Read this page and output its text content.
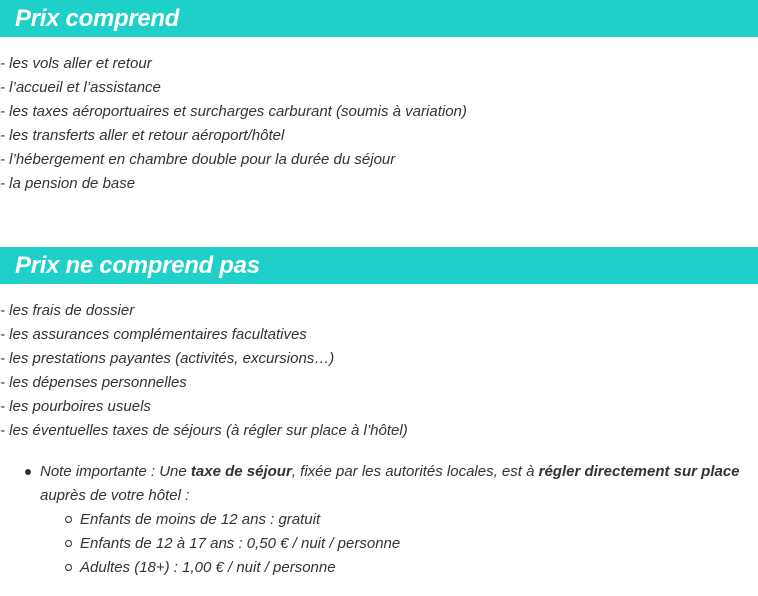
Prix comprend
- les vols aller et retour
- l’accueil et l’assistance
- les taxes aéroportuaires et surcharges carburant (soumis à variation)
- les transferts aller et retour aéroport/hôtel
- l’hébergement en chambre double pour la durée du séjour
- la pension de base
Prix ne comprend pas
- les frais de dossier
- les assurances complémentaires facultatives
- les prestations payantes (activités, excursions…)
- les dépenses personnelles
- les pourboires usuels
- les éventuelles taxes de séjours (à régler sur place à l’hôtel)
Note importante : Une taxe de séjour, fixée par les autorités locales, est à régler directement sur place auprès de votre hôtel :
Enfants de moins de 12 ans : gratuit
Enfants de 12 à 17 ans : 0,50 € / nuit / personne
Adultes (18+) : 1,00 € / nuit / personne
